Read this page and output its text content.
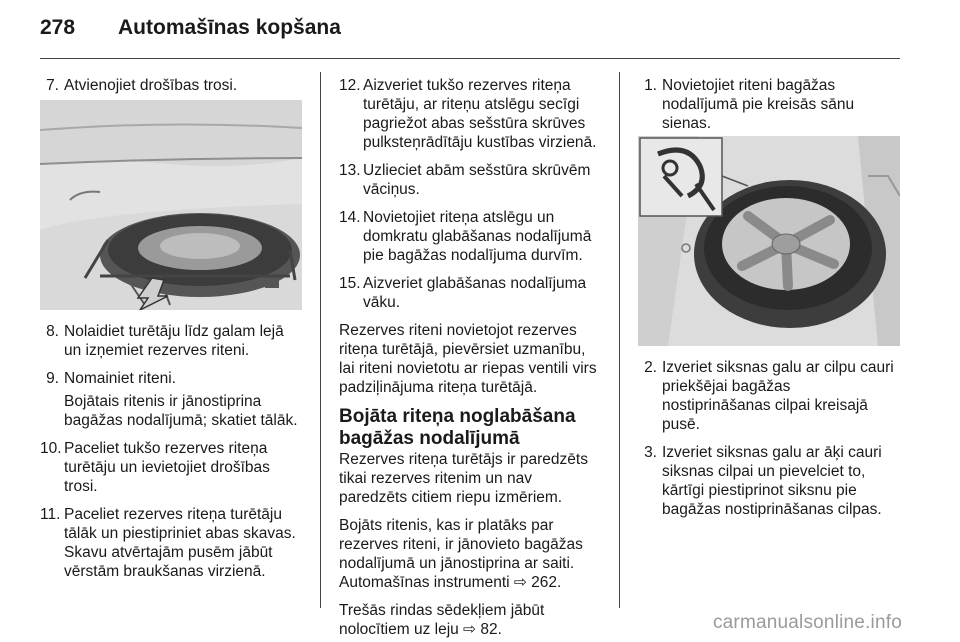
278	Automašīnas kopšana
7. Atvienojiet drošības trosi.
8. Nolaidiet turētāju līdz galam lejā un izņemiet rezerves riteni.
9. Nomainiet riteni.
Bojātais ritenis ir jānostiprina bagāžas nodalījumā; skatiet tālāk.
10. Paceliet tukšo rezerves riteņa turētāju un ievietojiet drošības trosi.
11. Paceliet rezerves riteņa turētāju tālāk un piestipriniet abas skavas. Skavu atvērtajām pusēm jābūt vērstām braukšanas virzienā.
12. Aizveriet tukšo rezerves riteņa turētāju, ar riteņu atslēgu secīgi pagriežot abas sešstūra skrūves pulksteņrādītāju kustības virzienā.
13. Uzlieciet abām sešstūra skrūvēm vāciņus.
14. Novietojiet riteņa atslēgu un domkratu glabāšanas nodalījumā pie bagāžas nodalījuma durvīm.
15. Aizveriet glabāšanas nodalījuma vāku.
Rezerves riteni novietojot rezerves riteņa turētājā, pievērsiet uzmanību, lai riteni novietotu ar riepas ventili virs padziļinājuma riteņa turētājā.
Bojāta riteņa noglabāšana bagāžas nodalījumā
Rezerves riteņa turētājs ir paredzēts tikai rezerves ritenim un nav paredzēts citiem riepu izmēriem.
Bojāts ritenis, kas ir platāks par rezerves riteni, ir jānovieto bagāžas nodalījumā un jānostiprina ar saiti. Automašīnas instrumenti ⇨ 262.
Trešās rindas sēdekļiem jābūt nolocītiem uz leju ⇨ 82.
1. Novietojiet riteni bagāžas nodalījumā pie kreisās sānu sienas.
2. Izveriet siksnas galu ar cilpu cauri priekšējai bagāžas nostiprināšanas cilpai kreisajā pusē.
3. Izveriet siksnas galu ar āķi cauri siksnas cilpai un pievelciet to, kārtīgi piestiprinot siksnu pie bagāžas nostiprināšanas cilpas.
carmanualsonline.info
